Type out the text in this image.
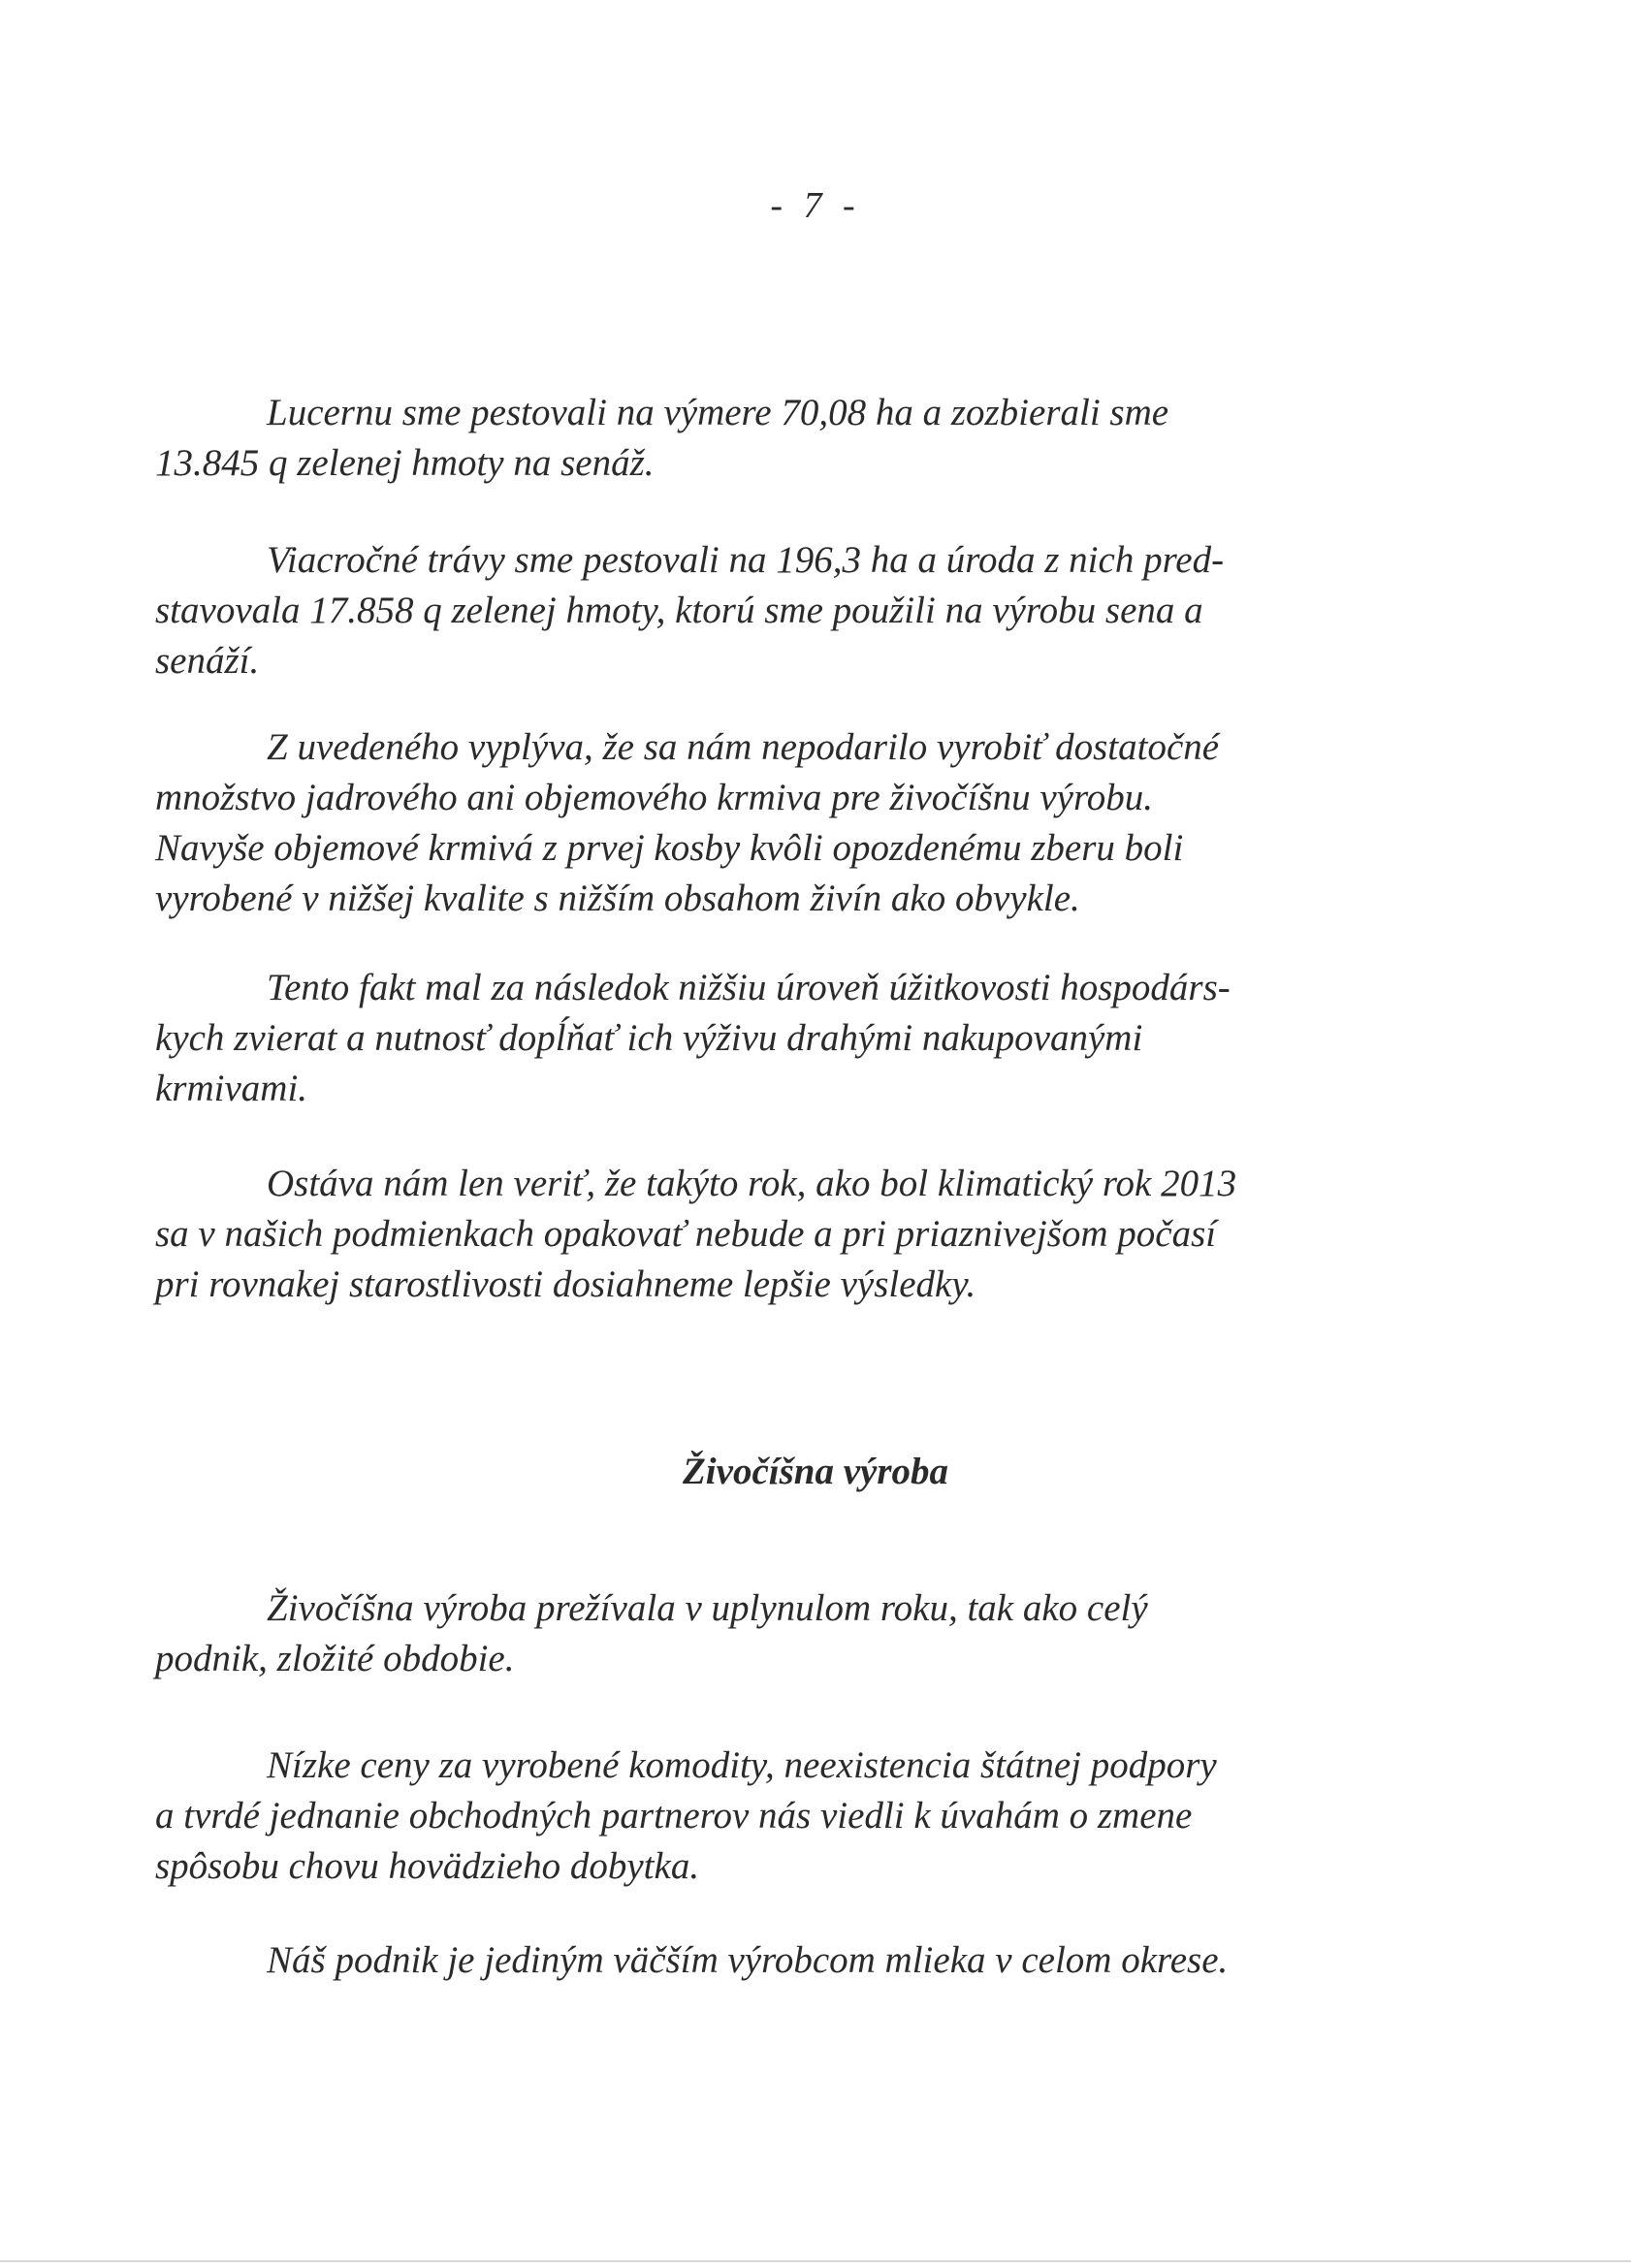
- 7 -

Lucernu sme pestovali na výmere 70,08 ha a zozbierali sme
13.845 q zelenej hmoty na senáž.

Viacročné trávy sme pestovali na 196,3 ha a úroda z nich pred-
stavovala 17.858 q zelenej hmoty, ktorú sme použili na výrobu sena a
senáží.

Z uvedeného vyplýva, že sa nám nepodarilo vyrobiť dostatočné
množstvo jadrového ani objemového krmiva pre živočíšnu výrobu.
Navyše objemové krmivá z prvej kosby kvôli opozdenému zberu boli
vyrobené v nižšej kvalite s nižším obsahom živín ako obvykle.

Tento fakt mal za následok nižšiu úroveň úžitkovosti hospodárs-
kych zvierat a nutnosť dopĺňať ich výživu drahými nakupovanými
krmivami.

Ostáva nám len veriť, že takýto rok, ako bol klimatický rok 2013
sa v našich podmienkach opakovať nebude a pri priaznivejšom počasí
pri rovnakej starostlivosti dosiahneme lepšie výsledky.

Živočíšna výroba

Živočíšna výroba prežívala v uplynulom roku, tak ako celý
podnik, zložité obdobie.

Nízke ceny za vyrobené komodity, neexistencia štátnej podpory
a tvrdé jednanie obchodných partnerov nás viedli k úvahám o zmene
spôsobu chovu hovädzieho dobytka.

Náš podnik je jediným väčším výrobcom mlieka v celom okrese.
